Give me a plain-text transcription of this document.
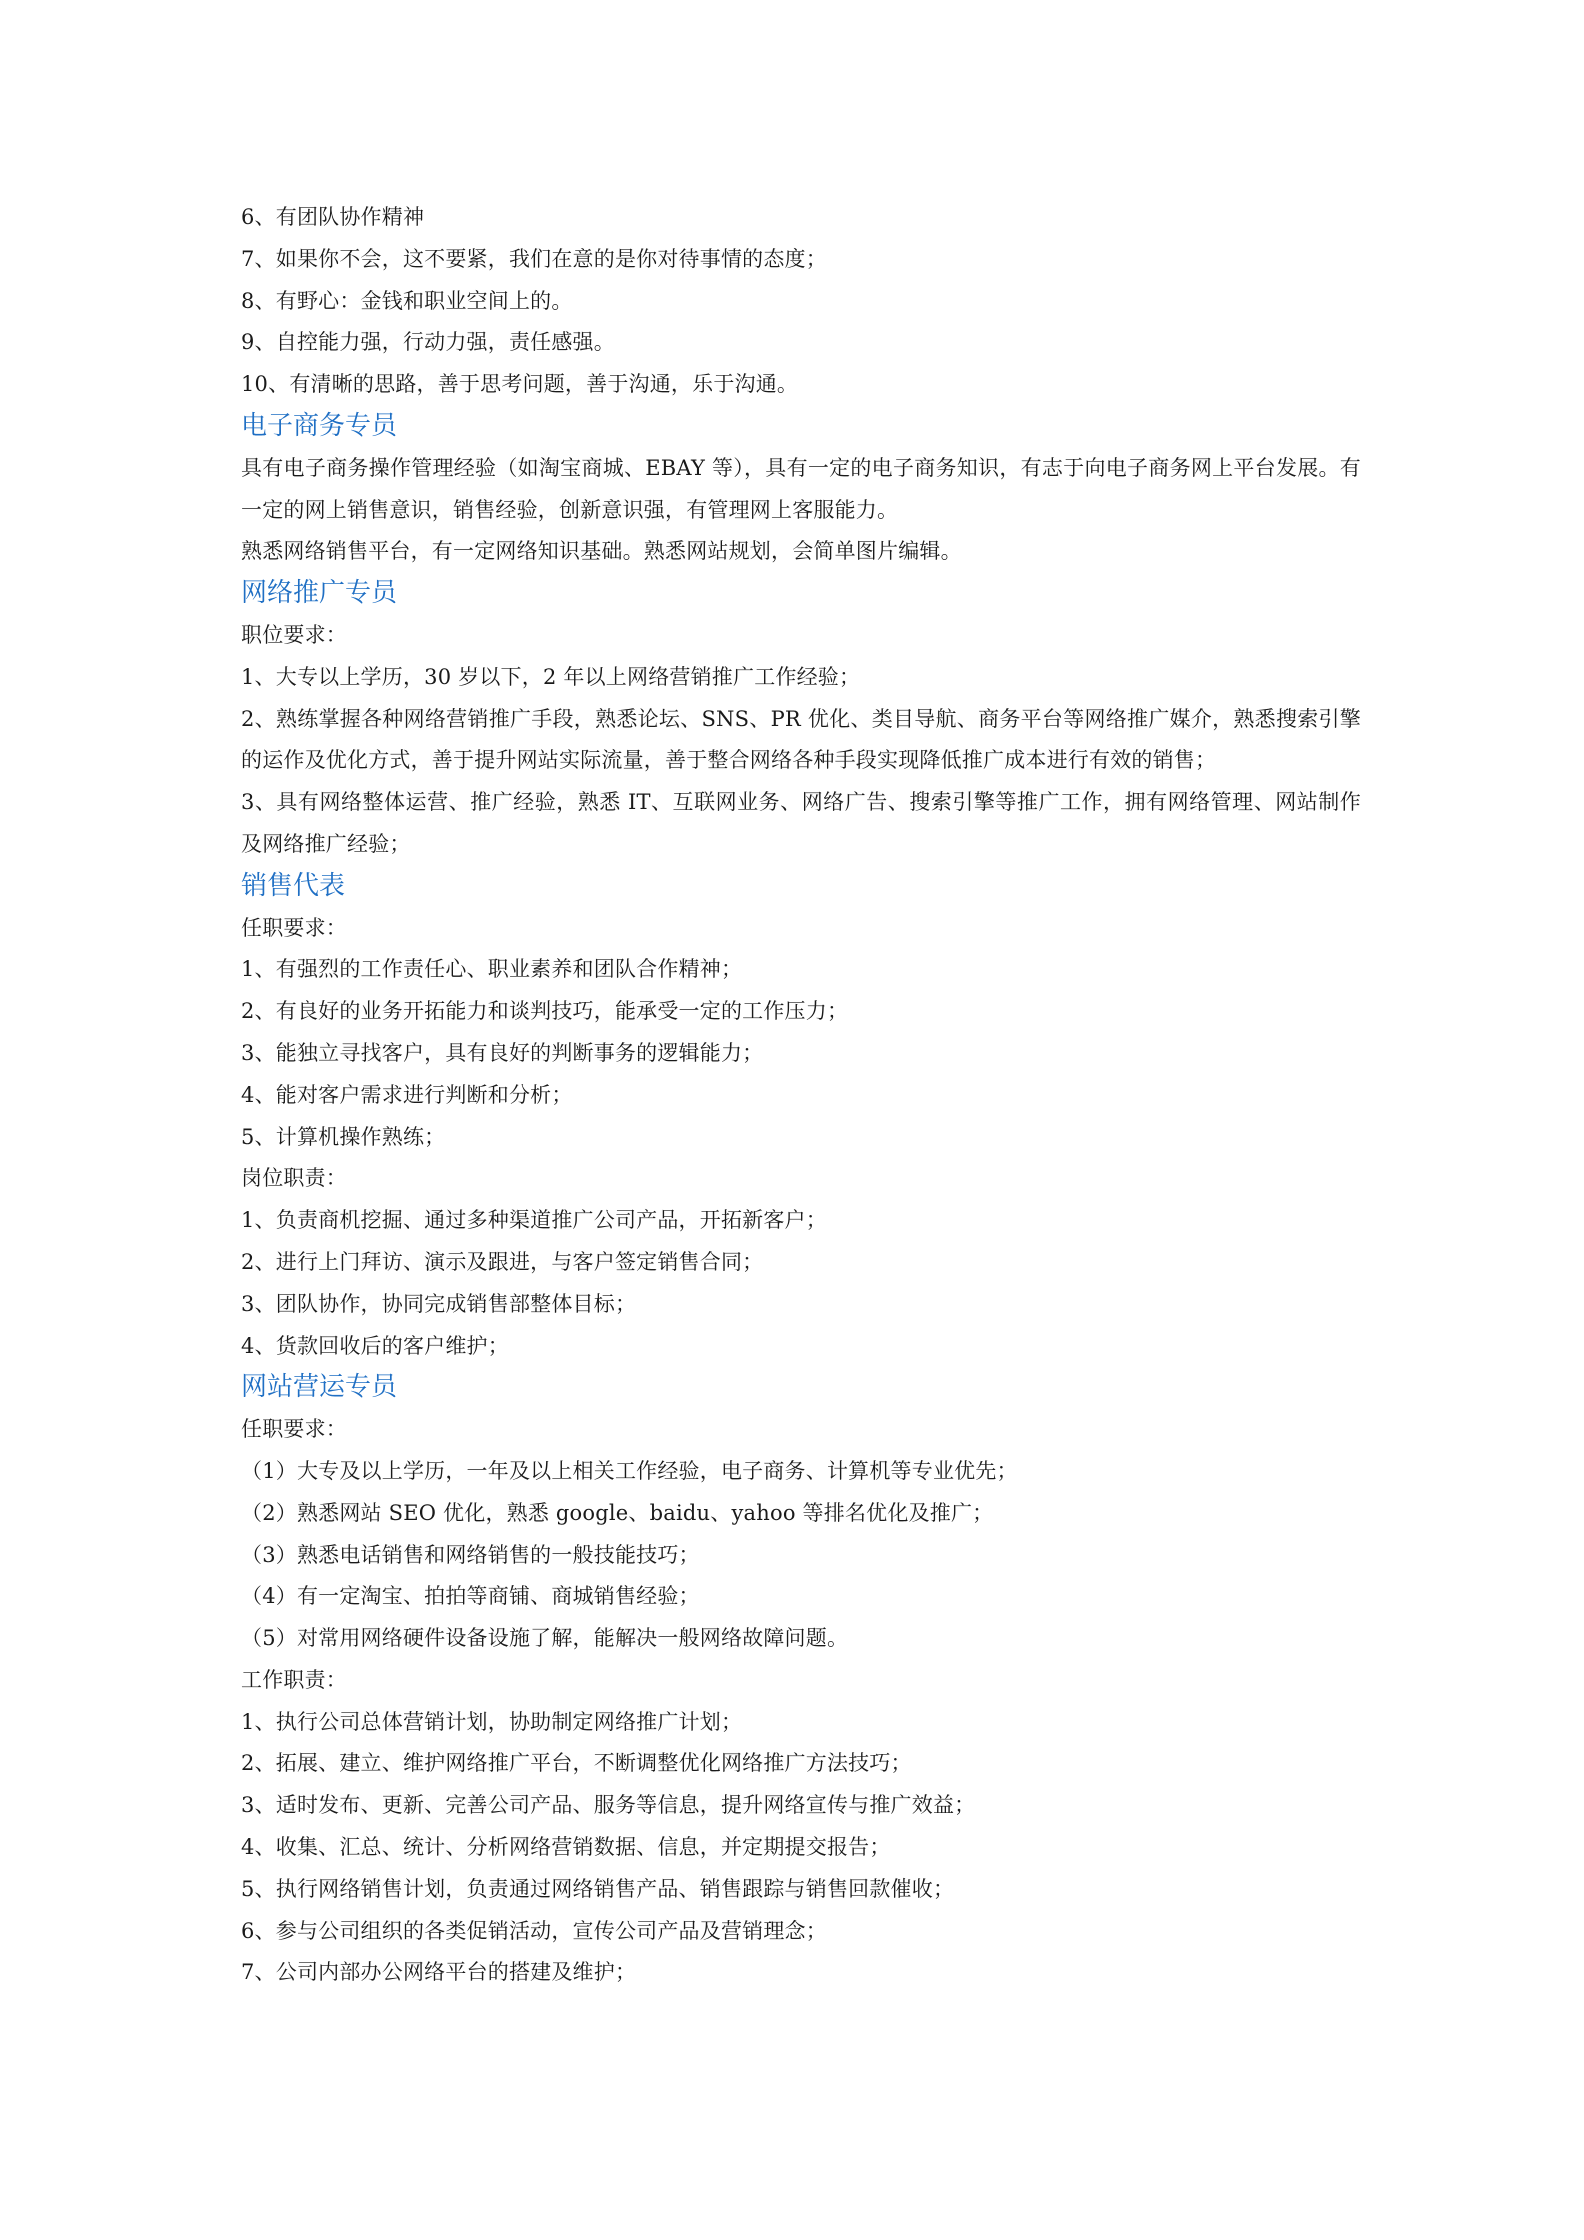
6、有团队协作精神
7、如果你不会，这不要紧，我们在意的是你对待事情的态度；
8、有野心：金钱和职业空间上的。
9、自控能力强，行动力强，责任感强。
10、有清晰的思路，善于思考问题，善于沟通，乐于沟通。
电子商务专员
具有电子商务操作管理经验（如淘宝商城、EBAY 等），具有一定的电子商务知识，有志于向电子商务网上平台发展。有一定的网上销售意识，销售经验，创新意识强，有管理网上客服能力。
熟悉网络销售平台，有一定网络知识基础。熟悉网站规划，会简单图片编辑。
网络推广专员
职位要求：
1、大专以上学历，30 岁以下，2 年以上网络营销推广工作经验；
2、熟练掌握各种网络营销推广手段，熟悉论坛、SNS、PR 优化、类目导航、商务平台等网络推广媒介，熟悉搜索引擎的运作及优化方式，善于提升网站实际流量，善于整合网络各种手段实现降低推广成本进行有效的销售；
3、具有网络整体运营、推广经验，熟悉 IT、互联网业务、网络广告、搜索引擎等推广工作，拥有网络管理、网站制作及网络推广经验；
销售代表
任职要求：
1、有强烈的工作责任心、职业素养和团队合作精神；
2、有良好的业务开拓能力和谈判技巧，能承受一定的工作压力；
3、能独立寻找客户，具有良好的判断事务的逻辑能力；
4、能对客户需求进行判断和分析；
5、计算机操作熟练；
岗位职责：
1、负责商机挖掘、通过多种渠道推广公司产品，开拓新客户；
2、进行上门拜访、演示及跟进，与客户签定销售合同；
3、团队协作，协同完成销售部整体目标；
4、货款回收后的客户维护；
网站营运专员
任职要求：
（1）大专及以上学历，一年及以上相关工作经验，电子商务、计算机等专业优先；
（2）熟悉网站 SEO 优化，熟悉 google、baidu、yahoo 等排名优化及推广；
（3）熟悉电话销售和网络销售的一般技能技巧；
（4）有一定淘宝、拍拍等商铺、商城销售经验；
（5）对常用网络硬件设备设施了解，能解决一般网络故障问题。
工作职责：
1、执行公司总体营销计划，协助制定网络推广计划；
2、拓展、建立、维护网络推广平台，不断调整优化网络推广方法技巧；
3、适时发布、更新、完善公司产品、服务等信息，提升网络宣传与推广效益；
4、收集、汇总、统计、分析网络营销数据、信息，并定期提交报告；
5、执行网络销售计划，负责通过网络销售产品、销售跟踪与销售回款催收；
6、参与公司组织的各类促销活动，宣传公司产品及营销理念；
7、公司内部办公网络平台的搭建及维护；
